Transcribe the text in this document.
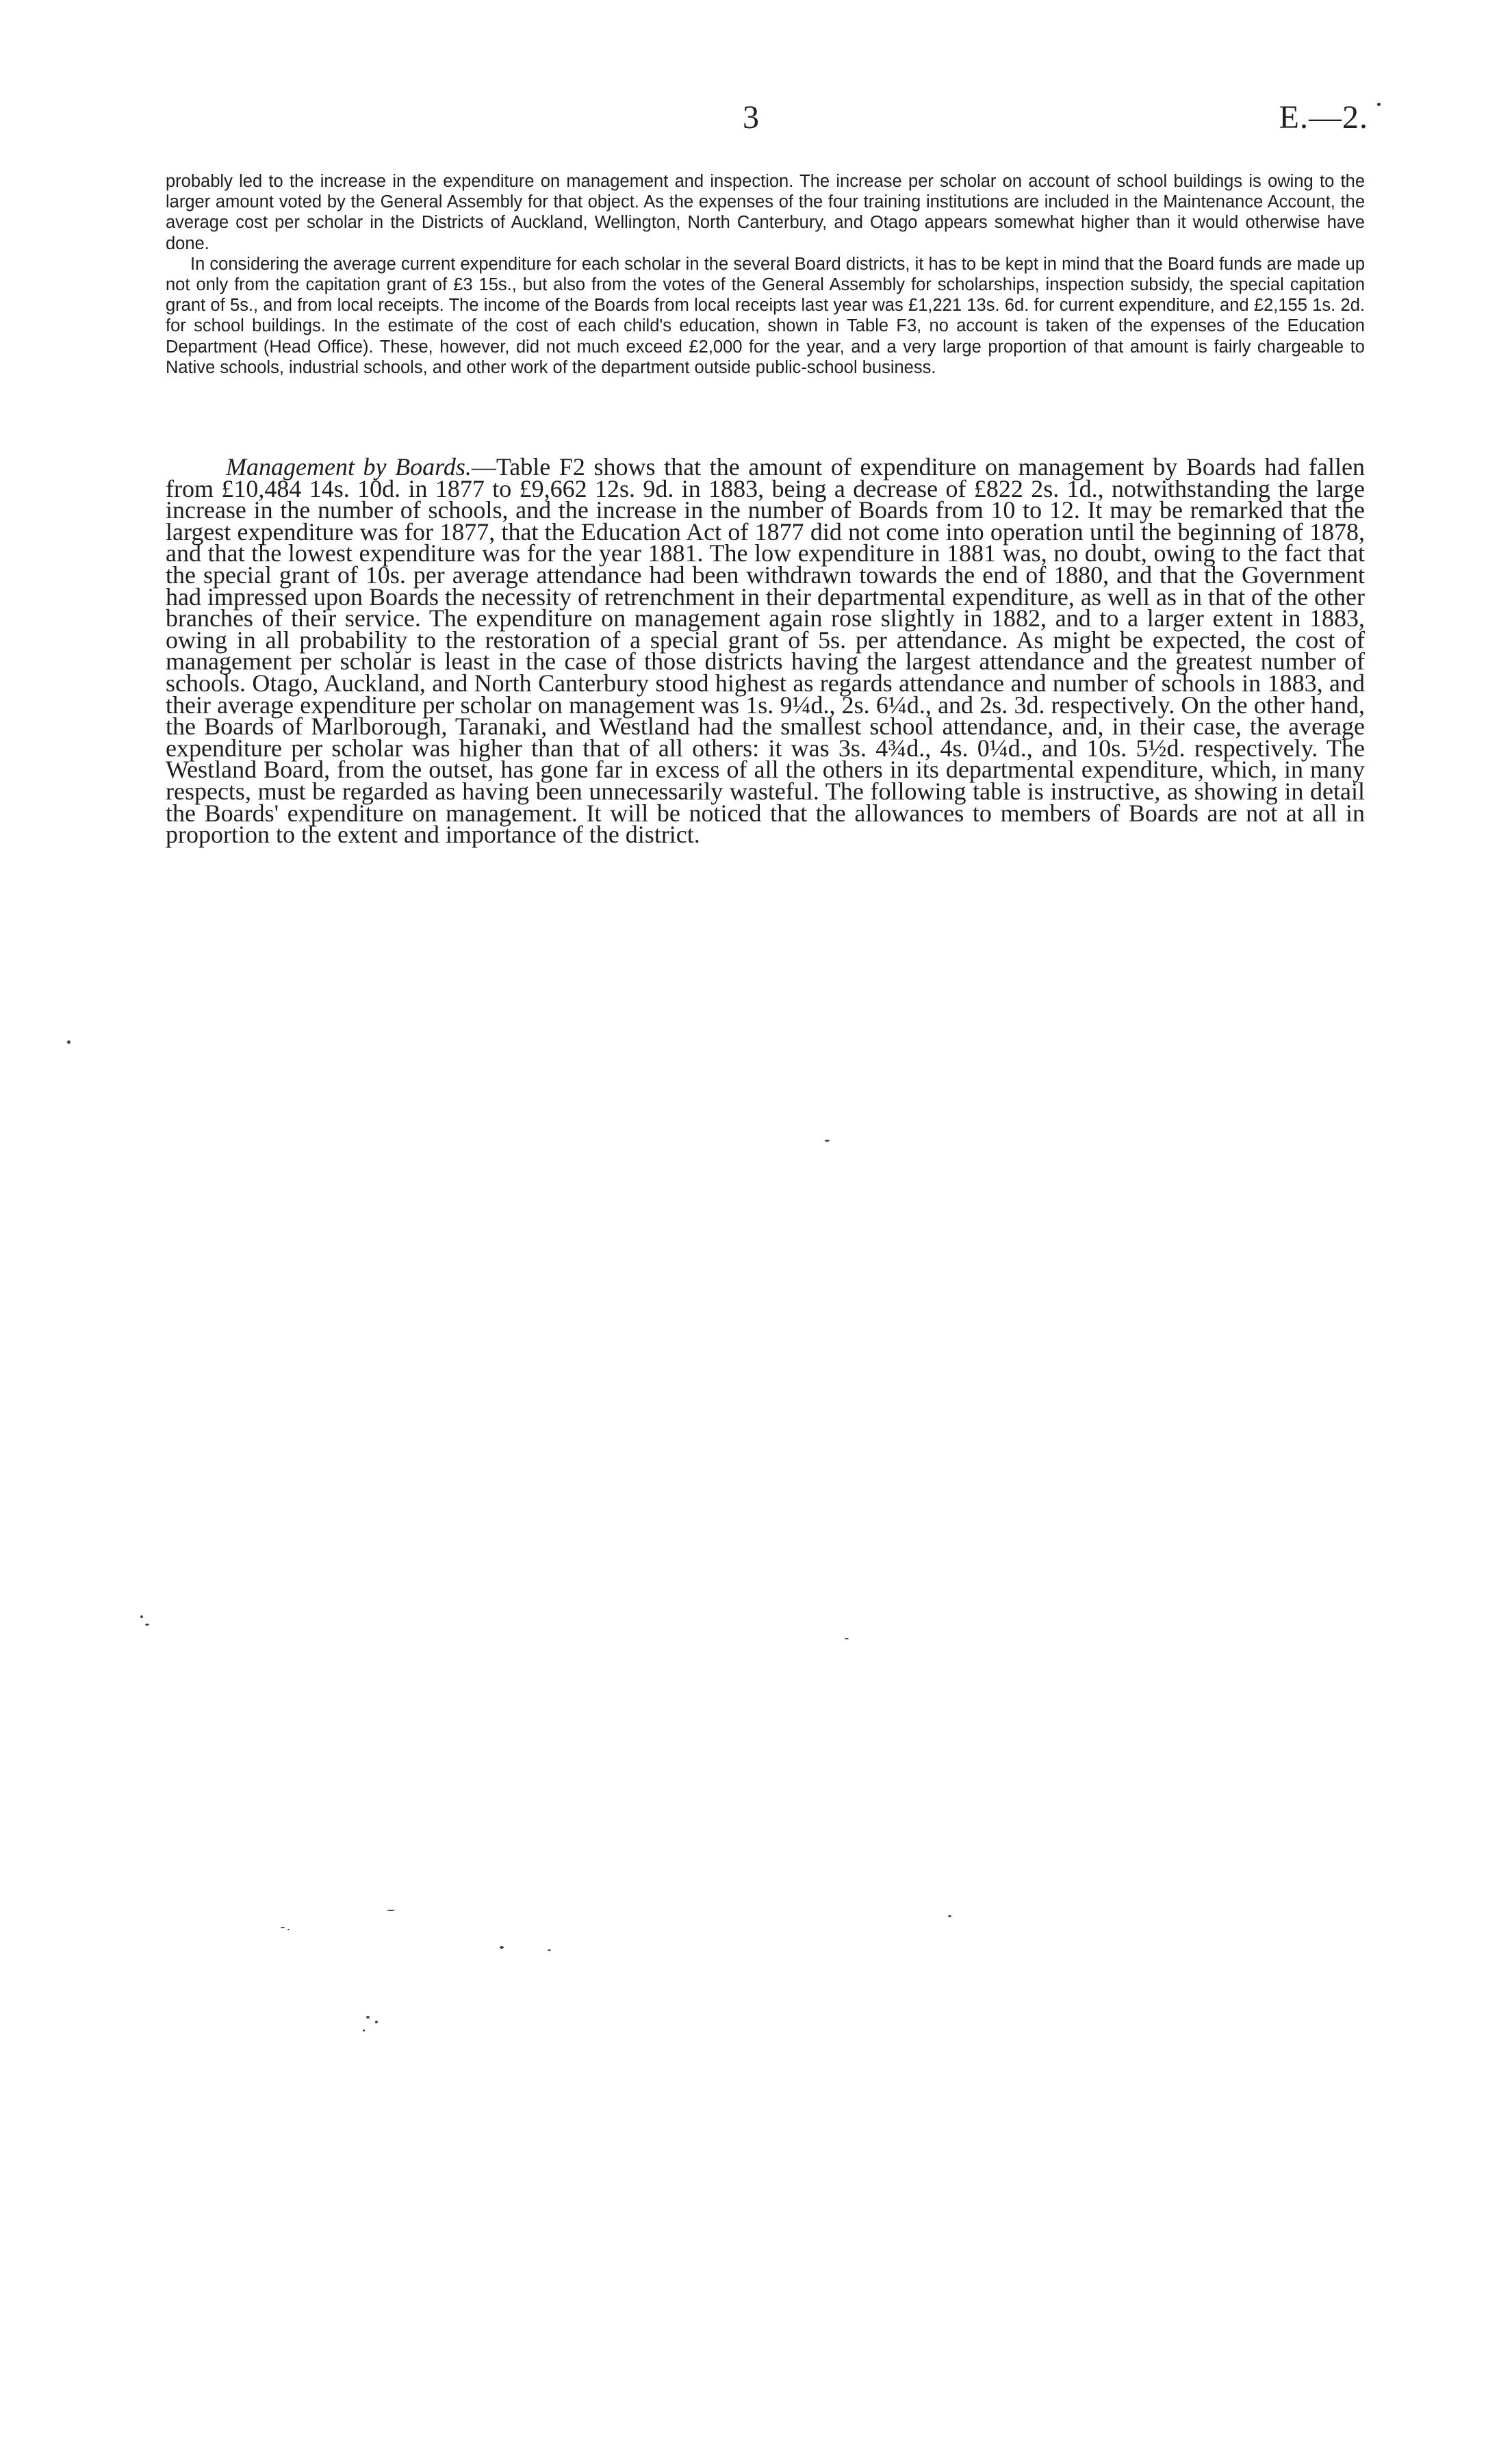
3	E.—2.

probably led to the increase in the expenditure on management and inspection. The increase per scholar on account of school buildings is owing to the larger amount voted by the General Assembly for that object. As the expenses of the four training institutions are included in the Maintenance Account, the average cost per scholar in the Districts of Auckland, Wellington, North Canterbury, and Otago appears somewhat higher than it would otherwise have done.

In considering the average current expenditure for each scholar in the several Board districts, it has to be kept in mind that the Board funds are made up not only from the capitation grant of £3 15s., but also from the votes of the General Assembly for scholarships, inspection subsidy, the special capitation grant of 5s., and from local receipts. The income of the Boards from local receipts last year was £1,221 13s. 6d. for current expenditure, and £2,155 1s. 2d. for school buildings. In the estimate of the cost of each child's education, shown in Table F3, no account is taken of the expenses of the Education Department (Head Office). These, however, did not much exceed £2,000 for the year, and a very large proportion of that amount is fairly chargeable to Native schools, industrial schools, and other work of the department outside public-school business.

Management by Boards.—Table F2 shows that the amount of expenditure on management by Boards had fallen from £10,484 14s. 10d. in 1877 to £9,662 12s. 9d. in 1883, being a decrease of £822 2s. 1d., notwithstanding the large increase in the number of schools, and the increase in the number of Boards from 10 to 12. It may be remarked that the largest expenditure was for 1877, that the Education Act of 1877 did not come into operation until the beginning of 1878, and that the lowest expenditure was for the year 1881. The low expenditure in 1881 was, no doubt, owing to the fact that the special grant of 10s. per average attendance had been withdrawn towards the end of 1880, and that the Government had impressed upon Boards the necessity of retrenchment in their departmental expenditure, as well as in that of the other branches of their service. The expenditure on management again rose slightly in 1882, and to a larger extent in 1883, owing in all probability to the restoration of a special grant of 5s. per attendance. As might be expected, the cost of management per scholar is least in the case of those districts having the largest attendance and the greatest number of schools. Otago, Auckland, and North Canterbury stood highest as regards attendance and number of schools in 1883, and their average expenditure per scholar on management was 1s. 9¼d., 2s. 6¼d., and 2s. 3d. respectively. On the other hand, the Boards of Marlborough, Taranaki, and Westland had the smallest school attendance, and, in their case, the average expenditure per scholar was higher than that of all others: it was 3s. 4¾d., 4s. 0¼d., and 10s. 5½d. respectively. The Westland Board, from the outset, has gone far in excess of all the others in its departmental expenditure, which, in many respects, must be regarded as having been unnecessarily wasteful. The following table is instructive, as showing in detail the Boards' expenditure on management. It will be noticed that the allowances to members of Boards are not at all in proportion to the extent and importance of the district.
